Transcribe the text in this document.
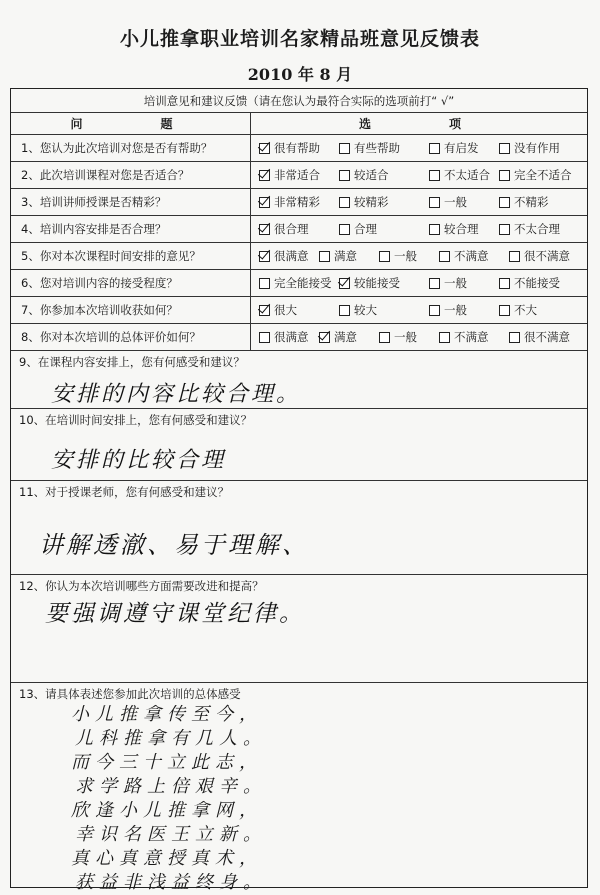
小儿推拿职业培训名家精品班意见反馈表
2010 年 8 月
培训意见和建议反馈（请在您认为最符合实际的选项前打“ √”
问　　题	选　　项
1、您认为此次培训对您是否有帮助？	很有帮助	有些帮助	有启发	没有作用
2、此次培训课程对您是否适合？	非常适合	较适合	不太适合 完全不适合
3、培训讲师授课是否精彩？	非常精彩	较精彩	一般	不精彩
4、培训内容安排是否合理？	很合理	合理	较合理	不太合理
5、你对本次课程时间安排的意见？	很满意 满意	一般	不满意	很不满意
6、您对培训内容的接受程度？	完全能接受 较能接受	一般	不能接受
7、你参加本次培训收获如何？	很大	较大	一般	不大
8、你对本次培训的总体评价如何？	很满意 满意	一般	不满意	很不满意
9、在课程内容安排上，您有何感受和建议？
安排的内容比较合理。
10、在培训时间安排上，您有何感受和建议？
安排的比较合理
11、对于授课老师，您有何感受和建议？
讲解透澈、易于理解、
12、你认为本次培训哪些方面需要改进和提高？
要强调遵守课堂纪律。
13、请具体表述您参加此次培训的总体感受
小儿推拿传至今，
儿科推拿有几人。
而今三十立此志，
求学路上倍艰辛。
欣逢小儿推拿网，
幸识名医王立新。
真心真意授真术，
获益非浅益终身。
